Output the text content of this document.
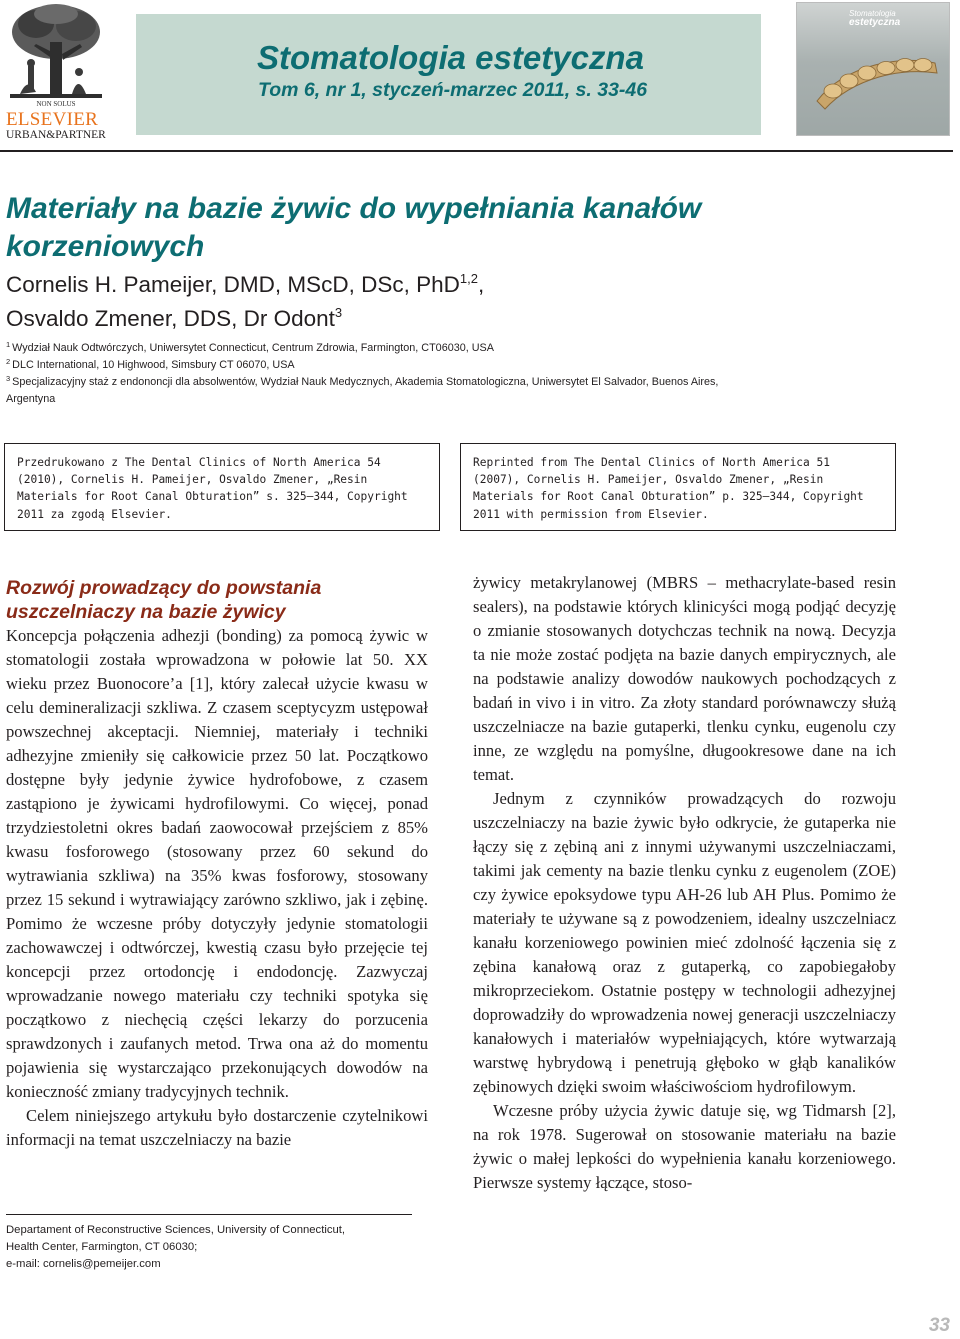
NON SOLUS
ELSEVIER
URBAN&PARTNER
Stomatologia estetyczna
Tom 6, nr 1, styczeń-marzec 2011, s. 33-46
Stomatologia
estetyczna
Materiały na bazie żywic do wypełniania kanałów korzeniowych
Cornelis H. Pameijer, DMD, MScD, DSc, PhD$^{1,2}$,
Osvaldo Zmener, DDS, Dr Odont$^3$
$^1$ Wydział Nauk Odtwórczych, Uniwersytet Connecticut, Centrum Zdrowia, Farmington, CT06030, USA
$^2$ DLC International, 10 Highwood, Simsbury CT 06070, USA
$^3$ Specjalizacyjny staż z endononcji dla absolwentów, Wydział Nauk Medycznych, Akademia Stomatologiczna, Uniwersytet El Salvador, Buenos Aires, Argentyna
Przedrukowano z The Dental Clinics of North America 54 (2010), Cornelis H. Pameijer, Osvaldo Zmener, „Resin Materials for Root Canal Obturation” s. 325–344, Copyright 2011 za zgodą Elsevier.
Reprinted from The Dental Clinics of North America 51 (2007), Cornelis H. Pameijer, Osvaldo Zmener, „Resin Materials for Root Canal Obturation” p. 325–344, Copyright 2011 with permission from Elsevier.
Rozwój prowadzący do powstania uszczelniaczy na bazie żywicy

Koncepcja połączenia adhezji (bonding) za pomocą żywic w stomatologii została wprowadzona w połowie lat 50. XX wieku przez Buonocore’a [1], który zalecał użycie kwasu w celu demineralizacji szkliwa. Z czasem sceptycyzm ustępował powszechnej akceptacji. Niemniej, materiały i techniki adhezyjne zmieniły się całkowicie przez 50 lat. Początkowo dostępne były jedynie żywice hydrofobowe, z czasem zastąpiono je żywicami hydrofilowymi. Co więcej, ponad trzydziestoletni okres badań zaowocował przejściem z 85% kwasu fosforowego (stosowany przez 60 sekund do wytrawiania szkliwa) na 35% kwas fosforowy, stosowany przez 15 sekund i wytrawiający zarówno szkliwo, jak i zębinę. Pomimo że wczesne próby dotyczyły jedynie stomatologii zachowawczej i odtwórczej, kwestią czasu było przejęcie tej koncepcji przez ortodoncję i endodoncję. Zazwyczaj wprowadzanie nowego materiału czy techniki spotyka się początkowo z niechęcią części lekarzy do porzucenia sprawdzonych i zaufanych metod. Trwa ona aż do momentu pojawienia się wystarczająco przekonujących dowodów na konieczność zmiany tradycyjnych technik.

Celem niniejszego artykułu było dostarczenie czytelnikowi informacji na temat uszczelniaczy na bazie

żywicy metakrylanowej (MBRS – methacrylate-based resin sealers), na podstawie których klinicyści mogą podjąć decyzję o zmianie stosowanych dotychczas technik na nową. Decyzja ta nie może zostać podjęta na bazie danych empirycznych, ale na podstawie analizy dowodów naukowych pochodzących z badań in vivo i in vitro. Za złoty standard porównawczy służą uszczelniacze na bazie gutaperki, tlenku cynku, eugenolu czy inne, ze względu na pomyślne, długookresowe dane na ich temat.

Jednym z czynników prowadzących do rozwoju uszczelniaczy na bazie żywic było odkrycie, że gutaperka nie łączy się z zębiną ani z innymi używanymi uszczelniaczami, takimi jak cementy na bazie tlenku cynku z eugenolem (ZOE) czy żywice epoksydowe typu AH-26 lub AH Plus. Pomimo że materiały te używane są z powodzeniem, idealny uszczelniacz kanału korzeniowego powinien mieć zdolność łączenia się z zębina kanałową oraz z gutaperką, co zapobiegałoby mikroprzeciekom. Ostatnie postępy w technologii adhezyjnej doprowadziły do wprowadzenia nowej generacji uszczelniaczy kanałowych i materiałów wypełniających, które wytwarzają warstwę hybrydową i penetrują głęboko w głąb kanalików zębinowych dzięki swoim właściwościom hydrofilowym.

Wczesne próby użycia żywic datuje się, wg Tidmarsh [2], na rok 1978. Sugerował on stosowanie materiału na bazie żywic o małej lepkości do wypełnienia kanału korzeniowego. Pierwsze systemy łączące, stoso-

Departament of Reconstructive Sciences, University of Connecticut,
Health Center, Farmington, CT 06030;
e-mail: cornelis@pemeijer.com
33
